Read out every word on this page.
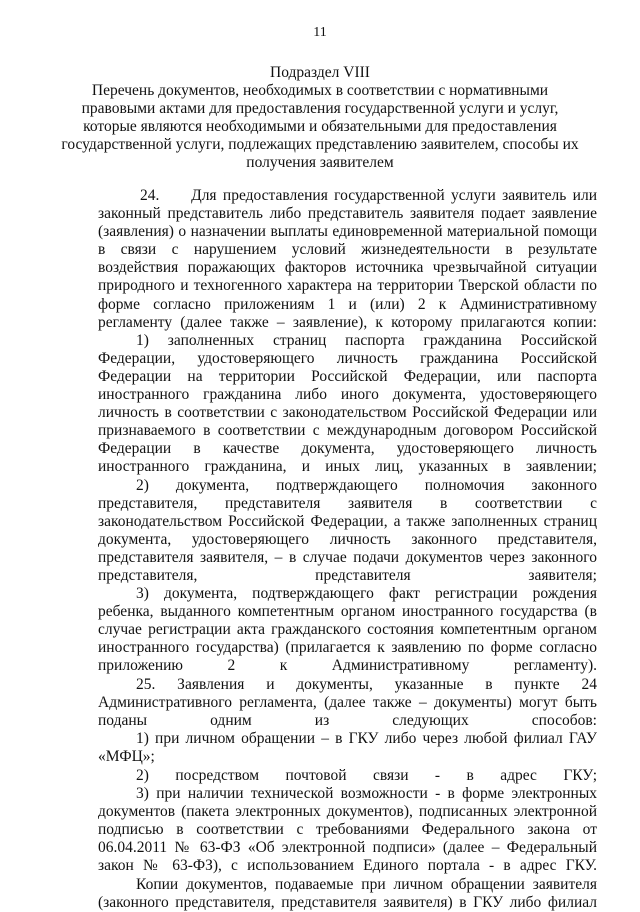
11
Подраздел VIII
Перечень документов, необходимых в соответствии с нормативными правовыми актами для предоставления государственной услуги и услуг, которые являются необходимыми и обязательными для предоставления государственной услуги, подлежащих представлению заявителем, способы их получения заявителем

24.     Для предоставления государственной услуги заявитель или законный представитель либо представитель заявителя подает заявление (заявления) о назначении выплаты единовременной материальной помощи в связи с нарушением условий жизнедеятельности в результате воздействия поражающих факторов источника чрезвычайной ситуации природного и техногенного характера на территории Тверской области по форме согласно приложениям 1 и (или) 2 к Административному регламенту (далее также – заявление), к которому прилагаются копии:

1) заполненных страниц паспорта гражданина Российской Федерации, удостоверяющего личность гражданина Российской Федерации на территории Российской Федерации, или паспорта иностранного гражданина либо иного документа, удостоверяющего личность в соответствии с законодательством Российской Федерации или признаваемого в соответствии с международным договором Российской Федерации в качестве документа, удостоверяющего личность иностранного гражданина, и иных лиц, указанных в заявлении;

2) документа, подтверждающего полномочия законного представителя, представителя заявителя в соответствии с законодательством Российской Федерации, а также заполненных страниц документа, удостоверяющего личность законного представителя, представителя заявителя, – в случае подачи документов через законного представителя, представителя заявителя;

3) документа, подтверждающего факт регистрации рождения ребенка, выданного компетентным органом иностранного государства (в случае регистрации акта гражданского состояния компетентным органом иностранного государства) (прилагается к заявлению по форме согласно приложению 2 к Административному регламенту).

25. Заявления и документы, указанные в пункте 24 Административного регламента, (далее также – документы) могут быть поданы одним из следующих способов:

1) при личном обращении – в ГКУ либо через любой филиал ГАУ «МФЦ»;

2) посредством почтовой связи - в адрес ГКУ;

3) при наличии технической возможности - в форме электронных документов (пакета электронных документов), подписанных электронной подписью в соответствии с требованиями Федерального закона от 06.04.2011 № 63-ФЗ «Об электронной подписи» (далее – Федеральный закон № 63-ФЗ), с использованием Единого портала - в адрес ГКУ.

Копии документов, подаваемые при личном обращении заявителя (законного представителя, представителя заявителя) в ГКУ либо филиал
